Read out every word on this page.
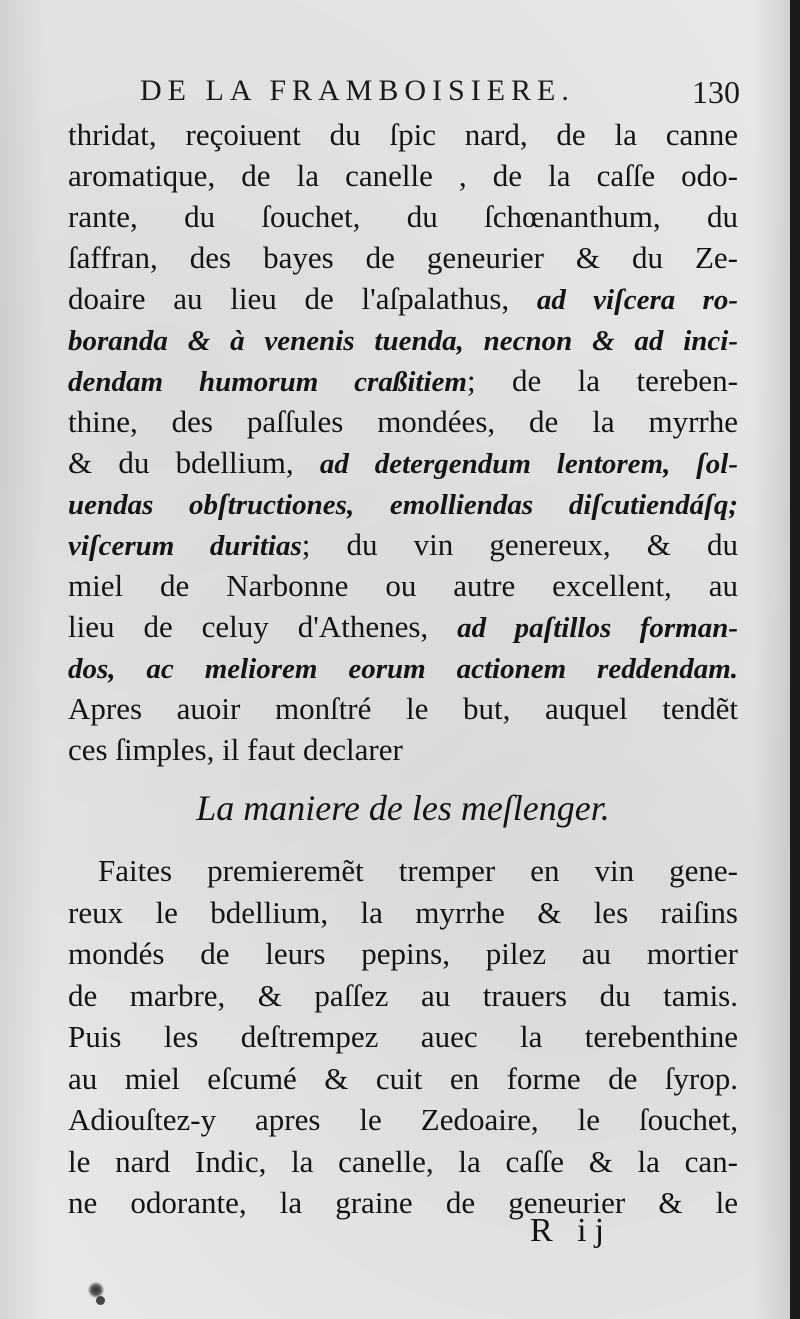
DE LA FRAMBOISIERE.	130
thridat, reçoiuent du ſpic nard, de la canne
aromatique, de la canelle , de la caſſe odo-
rante, du ſouchet, du ſchœnanthum, du
ſaffran, des bayes de geneurier & du Ze-
doaire au lieu de l'aſpalathus, ad viſcera ro-
boranda & à venenis tuenda, necnon & ad inci-
dendam humorum craßitiem; de la tereben-
thine, des paſſules mondées, de la myrrhe
& du bdellium, ad detergendum lentorem, ſol-
uendas obſtructiones, emolliendas diſcutiendáſq;
viſcerum duritias; du vin genereux, & du
miel de Narbonne ou autre excellent, au
lieu de celuy d'Athenes, ad paſtillos forman-
dos, ac meliorem eorum actionem reddendam.
Apres auoir monſtré le but, auquel tendẽt
ces ſimples, il faut declarer
La maniere de les meſlenger.
Faites premieremẽt tremper en vin gene-
reux le bdellium, la myrrhe & les raiſins
mondés de leurs pepins, pilez au mortier
de marbre, & paſſez au trauers du tamis.
Puis les deſtrempez auec la terebenthine
au miel eſcumé & cuit en forme de ſyrop.
Adiouſtez-y apres le Zedoaire, le ſouchet,
le nard Indic, la canelle, la caſſe & la can-
ne odorante, la graine de geneurier & le
R ij
